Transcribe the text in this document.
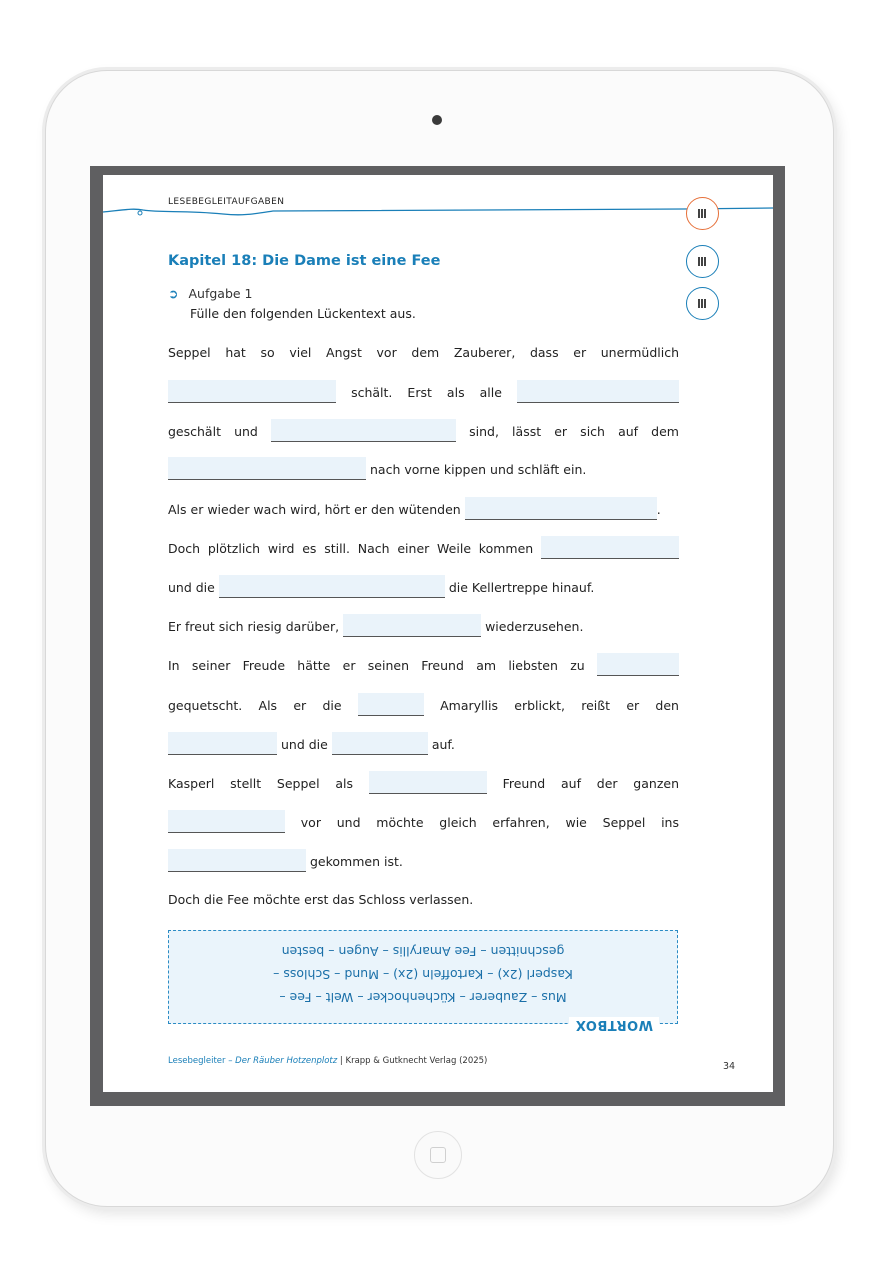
LESEBEGLEITAUFGABEN
Kapitel 18: Die Dame ist eine Fee
➲ Aufgabe 1
Fülle den folgenden Lückentext aus.
Seppel hat so viel Angst vor dem Zauberer, dass er unermüdlich
schält. Erst als alle
geschält und	sind, lässt er sich auf dem
nach vorne kippen und schläft ein.
Als er wieder wach wird, hört er den wütenden	.
Doch plötzlich wird es still. Nach einer Weile kommen
und die	die Kellertreppe hinauf.
Er freut sich riesig darüber,	wiederzusehen.
In seiner Freude hätte er seinen Freund am liebsten zu
gequetscht. Als er die	Amaryllis erblickt, reißt er den
und die	auf.
Kasperl stellt Seppel als	Freund auf der ganzen
vor und möchte gleich erfahren, wie Seppel ins
gekommen ist.
Doch die Fee möchte erst das Schloss verlassen.
WORTBOX
Mus – Zauberer – Küchenhocker – Welt – Fee –
Kasperl (2x) – Kartoffeln (2x) – Mund – Schloss –
geschnitten – Fee Amaryllis – Augen – besten
Lesebegleiter – Der Räuber Hotzenplotz | Krapp & Gutknecht Verlag (2025)	34
